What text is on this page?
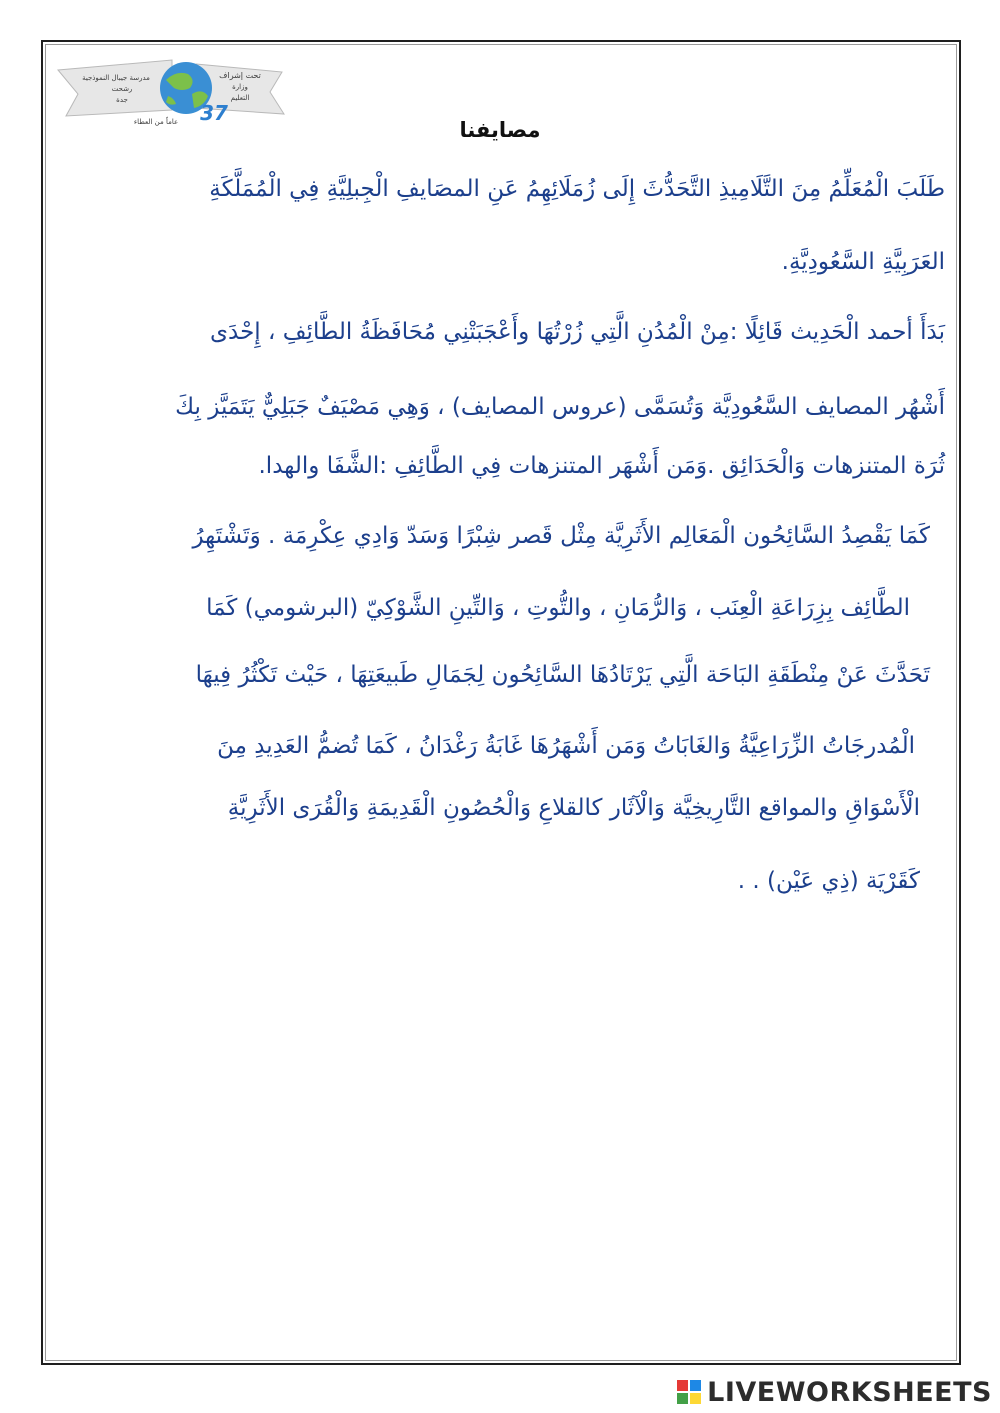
تحت إشراف
مدرسة جيبال النموذجية
رشحت
جدة
وزارة
التعليم
37
عاماً من العطاء	مصايفنا
طَلَبَ الْمُعَلِّمُ مِنَ التَّلَامِيذِ التَّحَدُّثَ إِلَى زُمَلَائِهِمُ عَنِ المصَايفِ الْجِبلِيَّةِ فِي الْمُمَلَّكَةِ
العَرَبِيَّةِ السَّعُودِيَّةِ.
بَدَأَ أحمد الْحَدِيث قَائِلًا :مِنْ الْمُدُنِ الَّتِي زُرْتُهَا وأَعْجَبَتْنِي مُحَافَظَةُ الطَّائِفِ ، إِحْدَى
أَشْهُر المصايف السَّعُودِيَّة وَتُسَمَّى (عروس المصايف) ، وَهِي مَصْيَفٌ جَبَلِيٌّ يَتَمَيَّز بِكَ
ثُرَة المتنزهات وَالْحَدَائِق .وَمَن أَشْهَر المتنزهات فِي الطَّائِفِ :الشَّفَا والهدا.
كَمَا يَقْصِدُ السَّائِحُون الْمَعَالِم الأَثَرِيَّة مِثْل قَصر شِبْرًا وَسَدّ وَادِي عِكْرِمَة . وَتَشْتَهِرُ
الطَّائِف بِزِرَاعَةِ الْعِنَب ، وَالرُّمَانِ ، والتُّوتِ ، وَالتِّينِ الشَّوْكِيّ (البرشومي) كَمَا
تَحَدَّثَ عَنْ مِنْطَقَةِ البَاحَة الَّتِي يَرْتَادُهَا السَّائِحُون لِجَمَالِ طَبيعَتِهَا ، حَيْث تَكْثُرُ فِيهَا
الْمُدرجَاتُ الزِّرَاعِيَّةُ وَالغَابَاتُ وَمَن أَشْهَرُهَا غَابَةُ رَغْدَانُ ، كَمَا تُضمُّ العَدِيدِ مِنَ
الْأَسْوَاقِ والمواقع التَّارِيخِيَّة وَالْآثَار كالقلاعِ وَالْحُصُونِ الْقَدِيمَةِ وَالْقُرَى الأَثَرِيَّةِ
كَقَرْيَة (ذِي عَيْن) . .
LIVEWORKSHEETS
